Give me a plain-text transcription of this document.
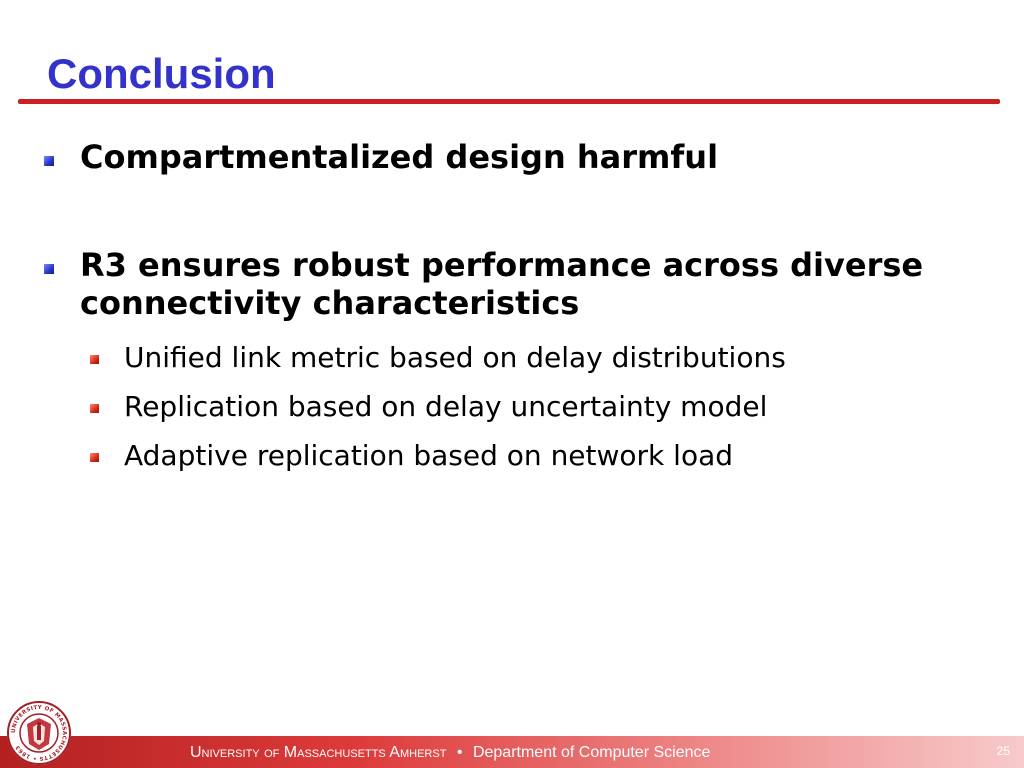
Conclusion
Compartmentalized design harmful
R3 ensures robust performance across diverse connectivity characteristics
Unified link metric based on delay distributions
Replication based on delay uncertainty model
Adaptive replication based on network load
University of Massachusetts Amherst • Department of Computer Science	25
UNIVERSITY OF MASSACHUSETTS • 1863
